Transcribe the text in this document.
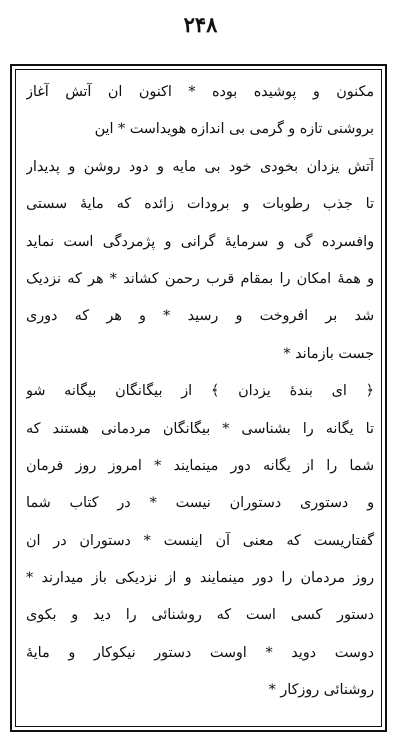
۲۴۸
مکنون و پوشیده بوده * اکنون ان آتش آغاز
بروشنی تازه و گرمی بی اندازه هویداست * این
آتش یزدان بخودی خود بی مایه و دود روشن و پدیدار
تا جذب رطوبات و برودات زائده که مایهٔ سستی
وافسرده گی و سرمایهٔ گرانی و پژمردگی است نماید
و همهٔ امکان را بمقام قرب رحمن کشاند * هر که نزدیک
شد بر افروخت و رسید * و هر که دوری
جست بازماند *
﴿ ای بندهٔ یزدان ﴾ از بیگانگان بیگانه شو
تا یگانه را بشناسی * بیگانگان مردمانی هستند که
شما را از یگانه دور مینمایند * امروز روز فرمان
و دستوری دستوران نیست * در کتاب شما
گفتاریست که معنی آن اینست * دستوران در ان
روز مردمان را دور مینمایند و از نزدیکی باز میدارند *
دستور کسی است که روشنائی را دید و بکوی
دوست دوید * اوست دستور نیکوکار و مایهٔ
روشنائی روزکار *
